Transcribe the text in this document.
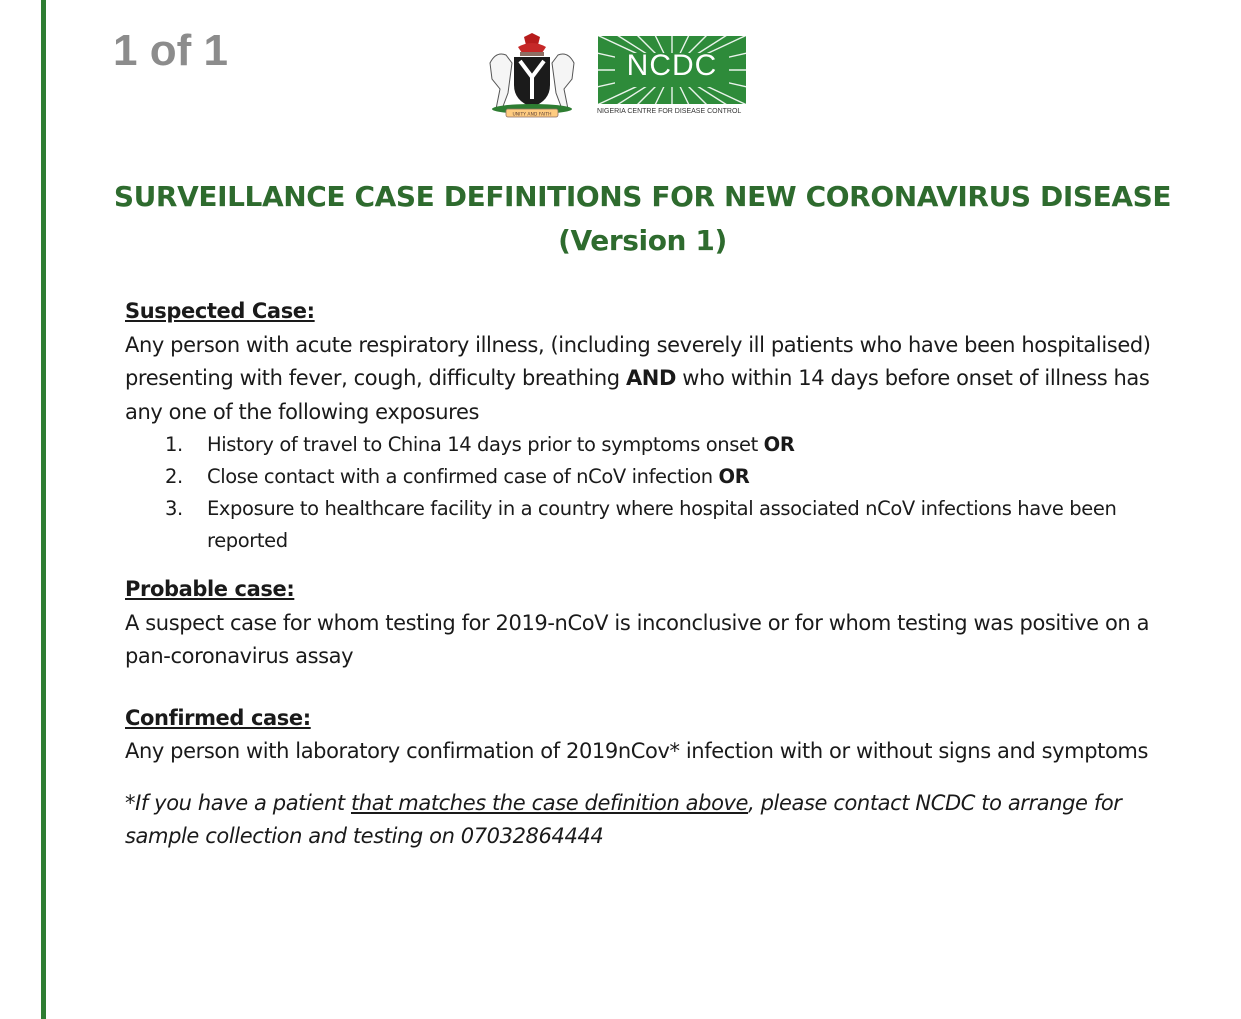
1 of 1
UNITY AND FAITH
NCDC
NIGERIA CENTRE FOR DISEASE CONTROL
SURVEILLANCE CASE DEFINITIONS FOR NEW CORONAVIRUS DISEASE
(Version 1)
Suspected Case:
Any person with acute respiratory illness, (including severely ill patients who have been hospitalised) presenting with fever, cough, difficulty breathing AND who within 14 days before onset of illness has any one of the following exposures
1. History of travel to China 14 days prior to symptoms onset OR
2. Close contact with a confirmed case of nCoV infection OR
3. Exposure to healthcare facility in a country where hospital associated nCoV infections have been reported
Probable case:
A suspect case for whom testing for 2019-nCoV is inconclusive or for whom testing was positive on a pan-coronavirus assay
Confirmed case:
Any person with laboratory confirmation of 2019nCov* infection with or without signs and symptoms
*If you have a patient that matches the case definition above, please contact NCDC to arrange for sample collection and testing on 07032864444
